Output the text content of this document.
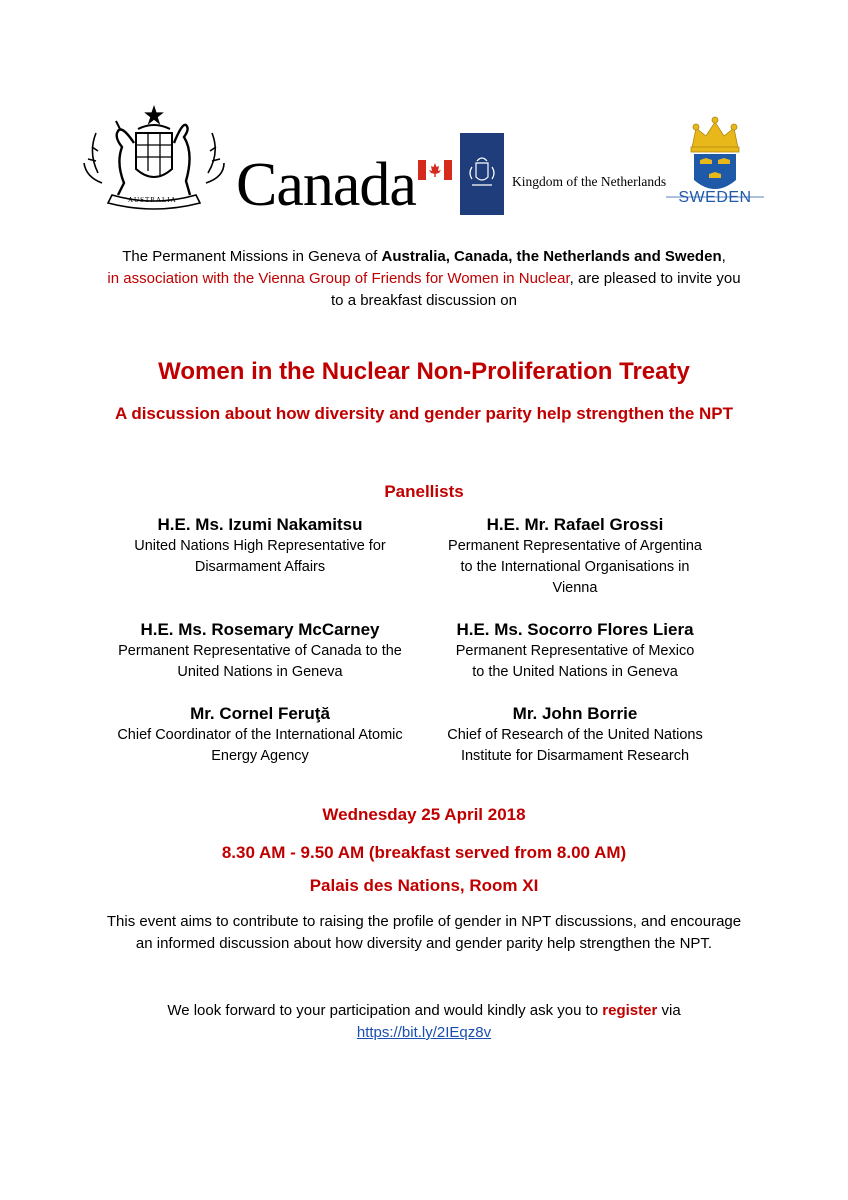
AUSTRALIA Canada	Kingdom of the Netherlands
SWEDEN
The Permanent Missions in Geneva of Australia, Canada, the Netherlands and Sweden,
in association with the Vienna Group of Friends for Women in Nuclear, are pleased to invite you
to a breakfast discussion on
Women in the Nuclear Non-Proliferation Treaty
A discussion about how diversity and gender parity help strengthen the NPT
Panellists
H.E. Ms. Izumi Nakamitsu
United Nations High Representative for
Disarmament Affairs
H.E. Mr. Rafael Grossi
Permanent Representative of Argentina
to the International Organisations in
Vienna
H.E. Ms. Rosemary McCarney
Permanent Representative of Canada to the
United Nations in Geneva
H.E. Ms. Socorro Flores Liera
Permanent Representative of Mexico
to the United Nations in Geneva
Mr. Cornel Feruţă
Chief Coordinator of the International Atomic
Energy Agency
Mr. John Borrie
Chief of Research of the United Nations
Institute for Disarmament Research
Wednesday 25 April 2018
8.30 AM - 9.50 AM (breakfast served from 8.00 AM)
Palais des Nations, Room XI
This event aims to contribute to raising the profile of gender in NPT discussions, and encourage
an informed discussion about how diversity and gender parity help strengthen the NPT.
We look forward to your participation and would kindly ask you to register via
https://bit.ly/2IEqz8v
